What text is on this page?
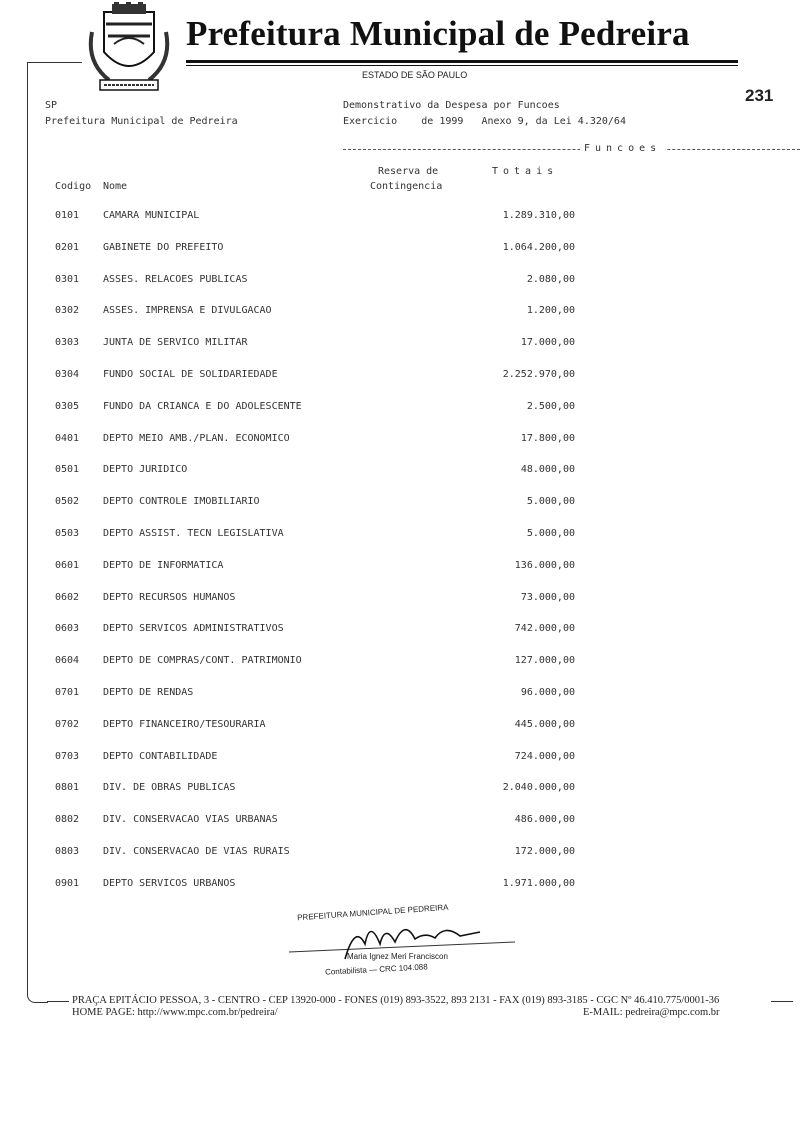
Prefeitura Municipal de Pedreira
ESTADO DE SÃO PAULO
231
SP
Prefeitura Municipal de Pedreira
Demonstrativo da Despesa por Funcoes
Exercicio    de 1999   Anexo 9, da Lei 4.320/64
Funcoes
Reserva de
Contingencia
Totais
Codigo Nome
0101 CAMARA MUNICIPAL	1.289.310,00
0201 GABINETE DO PREFEITO	1.064.200,00
0301 ASSES. RELACOES PUBLICAS	2.080,00
0302 ASSES. IMPRENSA E DIVULGACAO	1.200,00
0303 JUNTA DE SERVICO MILITAR	17.000,00
0304 FUNDO SOCIAL DE SOLIDARIEDADE	2.252.970,00
0305 FUNDO DA CRIANCA E DO ADOLESCENTE	2.500,00
0401 DEPTO MEIO AMB./PLAN. ECONOMICO	17.800,00
0501 DEPTO JURIDICO	48.000,00
0502 DEPTO CONTROLE IMOBILIARIO	5.000,00
0503 DEPTO ASSIST. TECN LEGISLATIVA	5.000,00
0601 DEPTO DE INFORMATICA	136.000,00
0602 DEPTO RECURSOS HUMANOS	73.000,00
0603 DEPTO SERVICOS ADMINISTRATIVOS	742.000,00
0604 DEPTO DE COMPRAS/CONT. PATRIMONIO	127.000,00
0701 DEPTO DE RENDAS	96.000,00
0702 DEPTO FINANCEIRO/TESOURARIA	445.000,00
0703 DEPTO CONTABILIDADE	724.000,00
0801 DIV. DE OBRAS PUBLICAS	2.040.000,00
0802 DIV. CONSERVACAO VIAS URBANAS	486.000,00
0803 DIV. CONSERVACAO DE VIAS RURAIS	172.000,00
0901 DEPTO SERVICOS URBANOS	1.971.000,00
PREFEITURA MUNICIPAL DE PEDREIRA
Maria Ignez Meri Franciscon
Contabilista — CRC 104.088
PRAÇA EPITÁCIO PESSOA, 3 - CENTRO - CEP 13920-000 - FONES (019) 893-3522, 893 2131 - FAX (019) 893-3185 - CGC Nº 46.410.775/0001-36
HOME PAGE: http://www.mpc.com.br/pedreira/	E-MAIL: pedreira@mpc.com.br
